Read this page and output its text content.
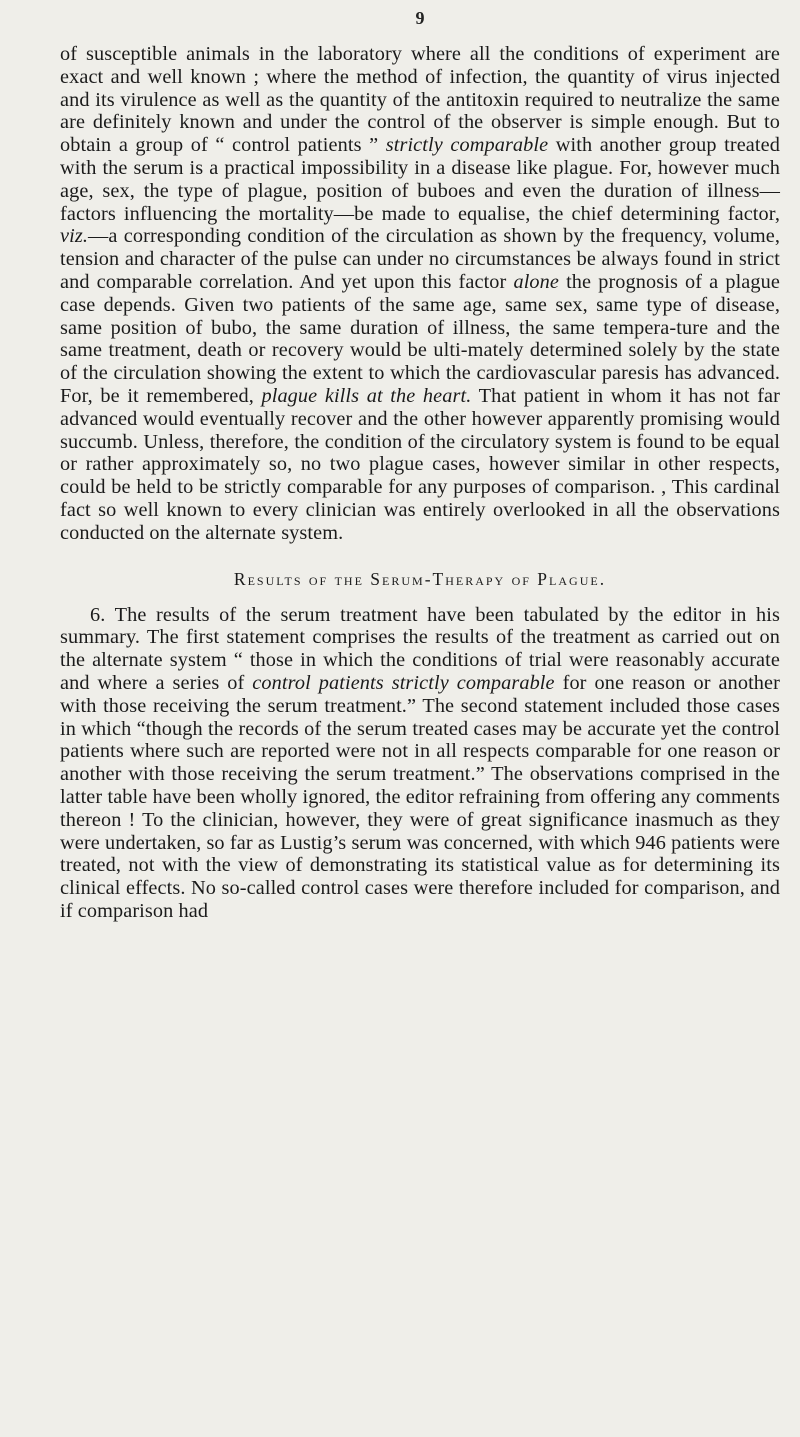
9

of susceptible animals in the laboratory where all the conditions of experiment are exact and well known ; where the method of infection, the quantity of virus injected and its virulence as well as the quantity of the antitoxin required to neutralize the same are definitely known and under the control of the observer is simple enough. But to obtain a group of “ control patients ” strictly comparable with another group treated with the serum is a practical impossibility in a disease like plague. For, however much age, sex, the type of plague, position of buboes and even the duration of illness—factors influencing the mortality—be made to equalise, the chief determining factor, viz.—a corresponding condition of the circulation as shown by the frequency, volume, tension and character of the pulse can under no circumstances be always found in strict and comparable correlation. And yet upon this factor alone the prognosis of a plague case depends. Given two patients of the same age, same sex, same type of disease, same position of bubo, the same duration of illness, the same tempera-ture and the same treatment, death or recovery would be ulti-mately determined solely by the state of the circulation showing the extent to which the cardiovascular paresis has advanced. For, be it remembered, plague kills at the heart. That patient in whom it has not far advanced would eventually recover and the other however apparently promising would succumb. Unless, therefore, the condition of the circulatory system is found to be equal or rather approximately so, no two plague cases, however similar in other respects, could be held to be strictly comparable for any purposes of comparison. , This cardinal fact so well known to every clinician was entirely overlooked in all the observations conducted on the alternate system.

Results of the Serum-Therapy of Plague.

6. The results of the serum treatment have been tabulated by the editor in his summary. The first statement comprises the results of the treatment as carried out on the alternate system “ those in which the conditions of trial were reasonably accurate and where a series of control patients strictly comparable for one reason or another with those receiving the serum treatment.” The second statement included those cases in which “though the records of the serum treated cases may be accurate yet the control patients where such are reported were not in all respects comparable for one reason or another with those receiving the serum treatment.” The observations comprised in the latter table have been wholly ignored, the editor refraining from offering any comments thereon ! To the clinician, however, they were of great significance inasmuch as they were undertaken, so far as Lustig’s serum was concerned, with which 946 patients were treated, not with the view of demonstrating its statistical value as for determining its clinical effects. No so-called control cases were therefore included for comparison, and if comparison had
